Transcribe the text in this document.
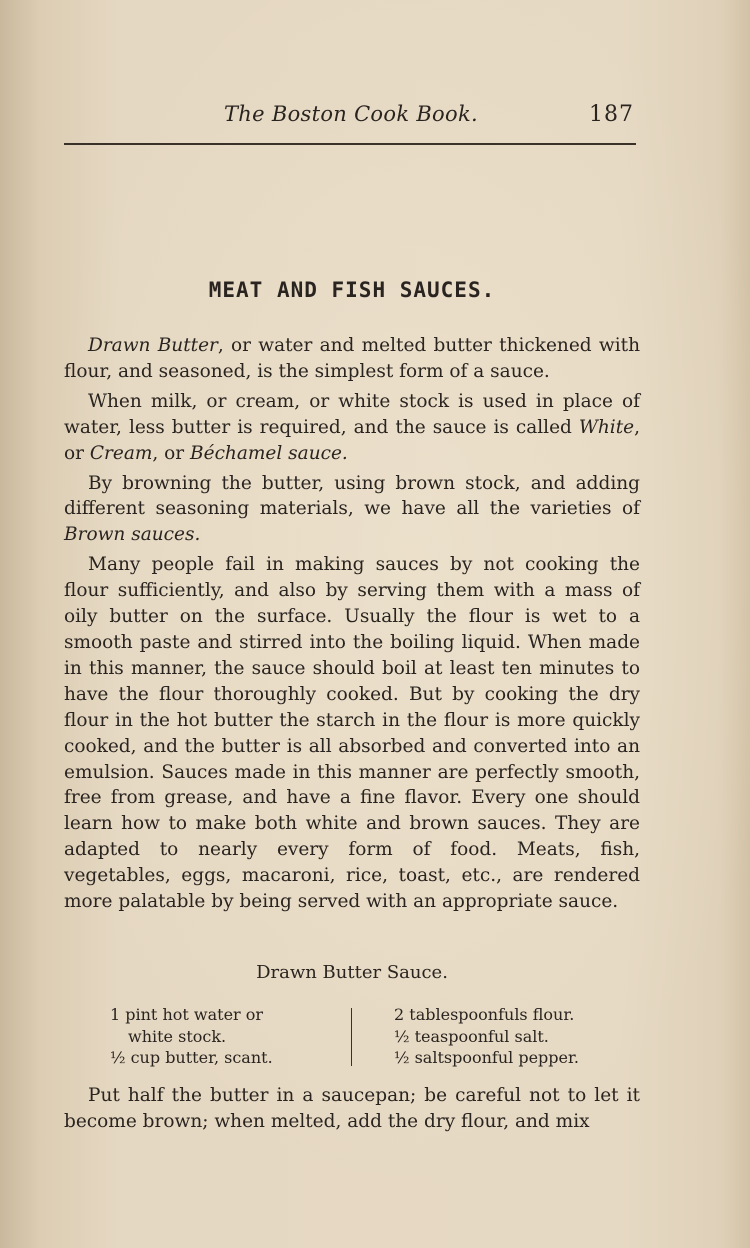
The Boston Cook Book.	187
MEAT AND FISH SAUCES.

Drawn Butter, or water and melted butter thickened with flour, and seasoned, is the simplest form of a sauce.

When milk, or cream, or white stock is used in place of water, less butter is required, and the sauce is called White, or Cream, or Béchamel sauce.

By browning the butter, using brown stock, and adding different seasoning materials, we have all the varieties of Brown sauces.

Many people fail in making sauces by not cooking the flour sufficiently, and also by serving them with a mass of oily butter on the surface. Usually the flour is wet to a smooth paste and stirred into the boiling liquid. When made in this manner, the sauce should boil at least ten minutes to have the flour thoroughly cooked. But by cooking the dry flour in the hot butter the starch in the flour is more quickly cooked, and the butter is all absorbed and converted into an emulsion. Sauces made in this manner are perfectly smooth, free from grease, and have a fine flavor. Every one should learn how to make both white and brown sauces. They are adapted to nearly every form of food. Meats, fish, vegetables, eggs, macaroni, rice, toast, etc., are rendered more palatable by being served with an appropriate sauce.

Drawn Butter Sauce.
1 pint hot water or
white stock.
½ cup butter, scant.
2 tablespoonfuls flour.
½ teaspoonful salt.
½ saltspoonful pepper.

Put half the butter in a saucepan; be careful not to let it become brown; when melted, add the dry flour, and mix
